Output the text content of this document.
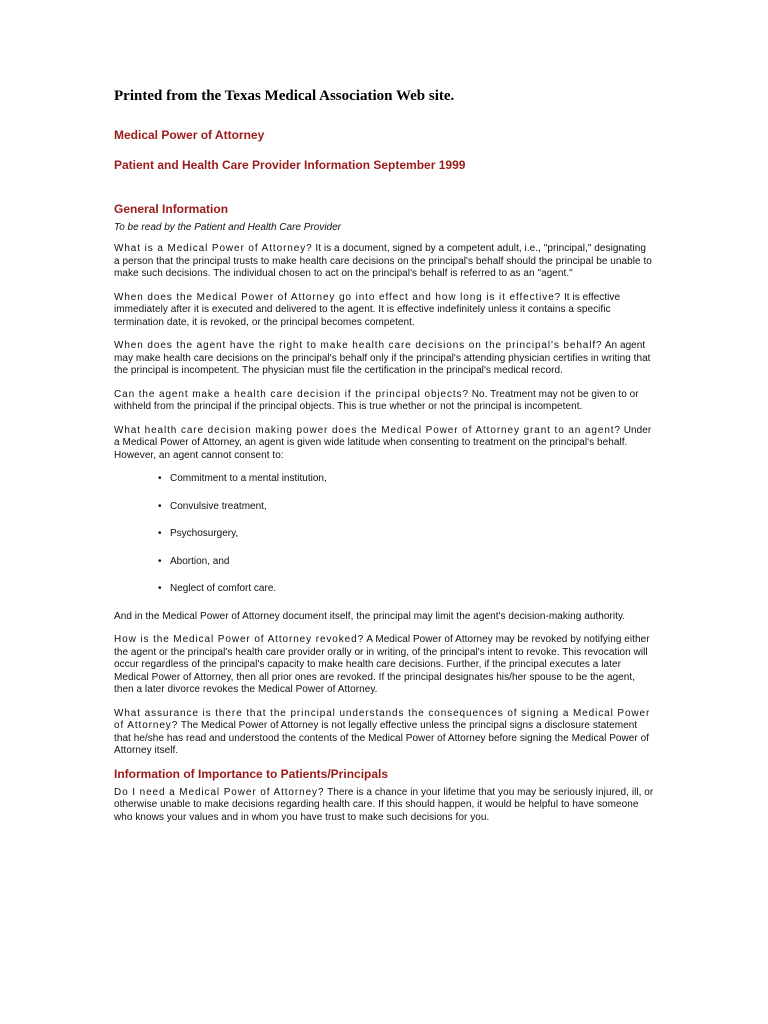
Printed from the Texas Medical Association Web site.
Medical Power of Attorney
Patient and Health Care Provider Information September 1999
General Information
To be read by the Patient and Health Care Provider

What is a Medical Power of Attorney? It is a document, signed by a competent adult, i.e., "principal," designating a person that the principal trusts to make health care decisions on the principal's behalf should the principal be unable to make such decisions. The individual chosen to act on the principal's behalf is referred to as an "agent."

When does the Medical Power of Attorney go into effect and how long is it effective? It is effective immediately after it is executed and delivered to the agent. It is effective indefinitely unless it contains a specific termination date, it is revoked, or the principal becomes competent.

When does the agent have the right to make health care decisions on the principal's behalf? An agent may make health care decisions on the principal's behalf only if the principal's attending physician certifies in writing that the principal is incompetent. The physician must file the certification in the principal's medical record.

Can the agent make a health care decision if the principal objects? No. Treatment may not be given to or withheld from the principal if the principal objects. This is true whether or not the principal is incompetent.

What health care decision making power does the Medical Power of Attorney grant to an agent? Under a Medical Power of Attorney, an agent is given wide latitude when consenting to treatment on the principal's behalf. However, an agent cannot consent to:

• Commitment to a mental institution,
• Convulsive treatment,
• Psychosurgery,
• Abortion, and
• Neglect of comfort care.

And in the Medical Power of Attorney document itself, the principal may limit the agent's decision-making authority.

How is the Medical Power of Attorney revoked? A Medical Power of Attorney may be revoked by notifying either the agent or the principal's health care provider orally or in writing, of the principal's intent to revoke. This revocation will occur regardless of the principal's capacity to make health care decisions. Further, if the principal executes a later Medical Power of Attorney, then all prior ones are revoked. If the principal designates his/her spouse to be the agent, then a later divorce revokes the Medical Power of Attorney.

What assurance is there that the principal understands the consequences of signing a Medical Power of Attorney? The Medical Power of Attorney is not legally effective unless the principal signs a disclosure statement that he/she has read and understood the contents of the Medical Power of Attorney before signing the Medical Power of Attorney itself.

Information of Importance to Patients/Principals

Do I need a Medical Power of Attorney? There is a chance in your lifetime that you may be seriously injured, ill, or otherwise unable to make decisions regarding health care. If this should happen, it would be helpful to have someone who knows your values and in whom you have trust to make such decisions for you.
